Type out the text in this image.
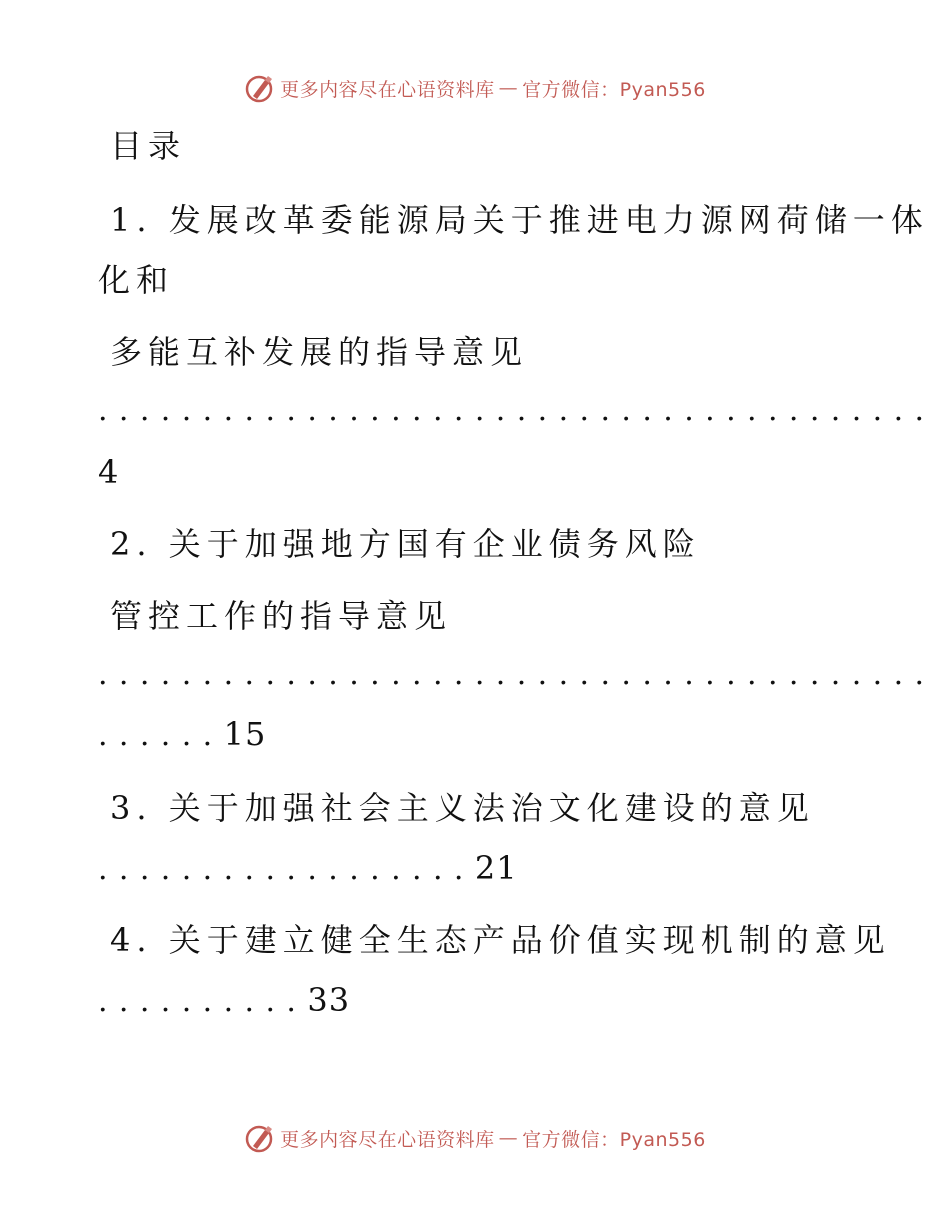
更多内容尽在心语资料库 — 官方微信：Pyan556
目录
1. 发展改革委能源局关于推进电力源网荷储一体
化和
多能互补发展的指导意见
........................................
4
2. 关于加强地方国有企业债务风险
管控工作的指导意见
........................................
......15
3. 关于加强社会主义法治文化建设的意见
..................21
4. 关于建立健全生态产品价值实现机制的意见
..........33
更多内容尽在心语资料库 — 官方微信：Pyan556
